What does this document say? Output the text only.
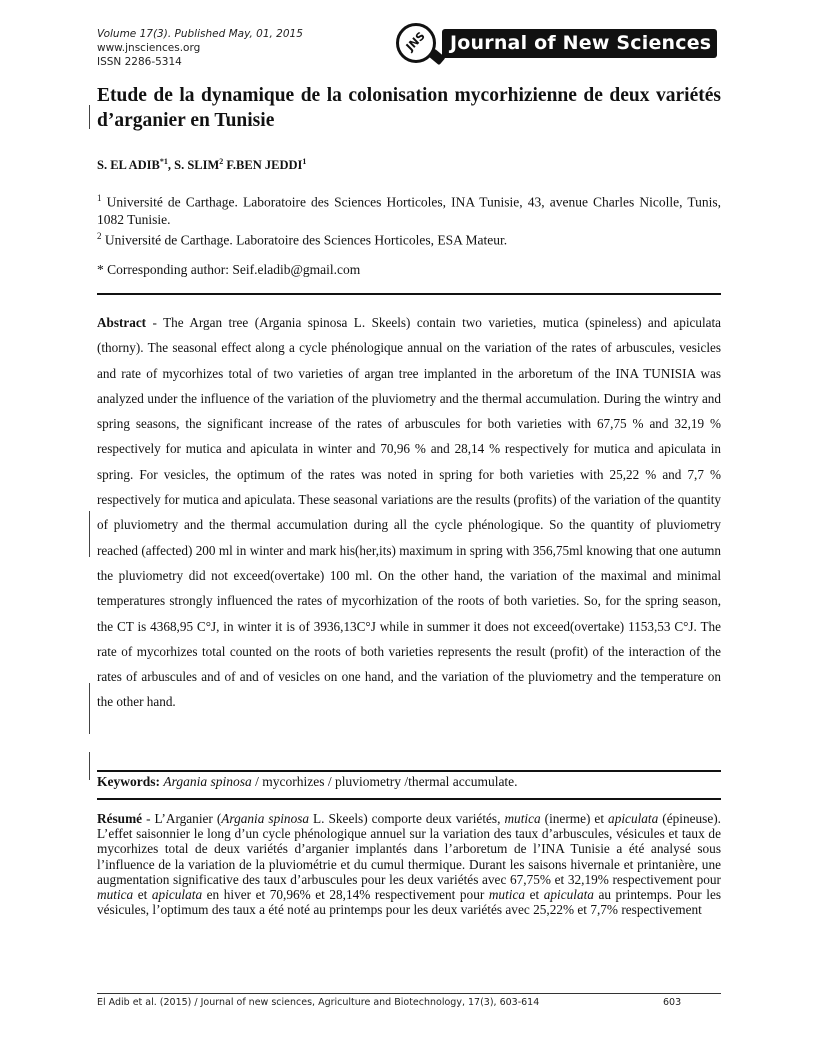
Volume 17(3). Published May, 01, 2015
www.jnsciences.org
ISSN 2286-5314
JNS	Journal of New Sciences
Etude de la dynamique de la colonisation mycorhizienne de deux variétés d’arganier en Tunisie
S. EL ADIB$^{*1}$, S. SLIM$^2$ F.BEN JEDDI$^1$

$^1$ Université de Carthage. Laboratoire des Sciences Horticoles, INA Tunisie, 43, avenue Charles Nicolle, Tunis, 1082 Tunisie.

$^2$ Université de Carthage. Laboratoire des Sciences Horticoles, ESA Mateur.

* Corresponding author: Seif.eladib@gmail.com

Abstract - The Argan tree (Argania spinosa L. Skeels) contain two varieties, mutica (spineless) and apiculata (thorny). The seasonal effect along a cycle phénologique annual on the variation of the rates of arbuscules, vesicles and rate of mycorhizes total of two varieties of argan tree implanted in the arboretum of the INA TUNISIA was analyzed under the influence of the variation of the pluviometry and the thermal accumulation. During the wintry and spring seasons, the significant increase of the rates of arbuscules for both varieties with 67,75 % and 32,19 % respectively for mutica and apiculata in winter and 70,96 % and 28,14 % respectively for mutica and apiculata in spring. For vesicles, the optimum of the rates was noted in spring for both varieties with 25,22 % and 7,7 % respectively for mutica and apiculata. These seasonal variations are the results (profits) of the variation of the quantity of pluviometry and the thermal accumulation during all the cycle phénologique. So the quantity of pluviometry reached (affected) 200 ml in winter and mark his(her,its) maximum in spring with 356,75ml knowing that one autumn the pluviometry did not exceed(overtake) 100 ml. On the other hand, the variation of the maximal and minimal temperatures strongly influenced the rates of mycorhization of the roots of both varieties. So, for the spring season, the CT is 4368,95 C°J, in winter it is of 3936,13C°J while in summer it does not exceed(overtake) 1153,53 C°J. The rate of mycorhizes total counted on the roots of both varieties represents the result (profit) of the interaction of the rates of arbuscules and of and of vesicles on one hand, and the variation of the pluviometry and the temperature on the other hand.

Keywords: Argania spinosa / mycorhizes / pluviometry /thermal accumulate.

Résumé - L’Arganier (Argania spinosa L. Skeels) comporte deux variétés, mutica (inerme) et apiculata (épineuse). L’effet saisonnier le long d’un cycle phénologique annuel sur la variation des taux d’arbuscules, vésicules et taux de mycorhizes total de deux variétés d’arganier implantés dans l’arboretum de l’INA Tunisie a été analysé sous l’influence de la variation de la pluviométrie et du cumul thermique. Durant les saisons hivernale et printanière, une augmentation significative des taux d’arbuscules pour les deux variétés avec 67,75% et 32,19% respectivement pour mutica et apiculata en hiver et 70,96% et 28,14% respectivement pour mutica et apiculata au printemps. Pour les vésicules, l’optimum des taux a été noté au printemps pour les deux variétés avec 25,22% et 7,7% respectivement

El Adib et al. (2015) / Journal of new sciences, Agriculture and Biotechnology, 17(3), 603-614	603
